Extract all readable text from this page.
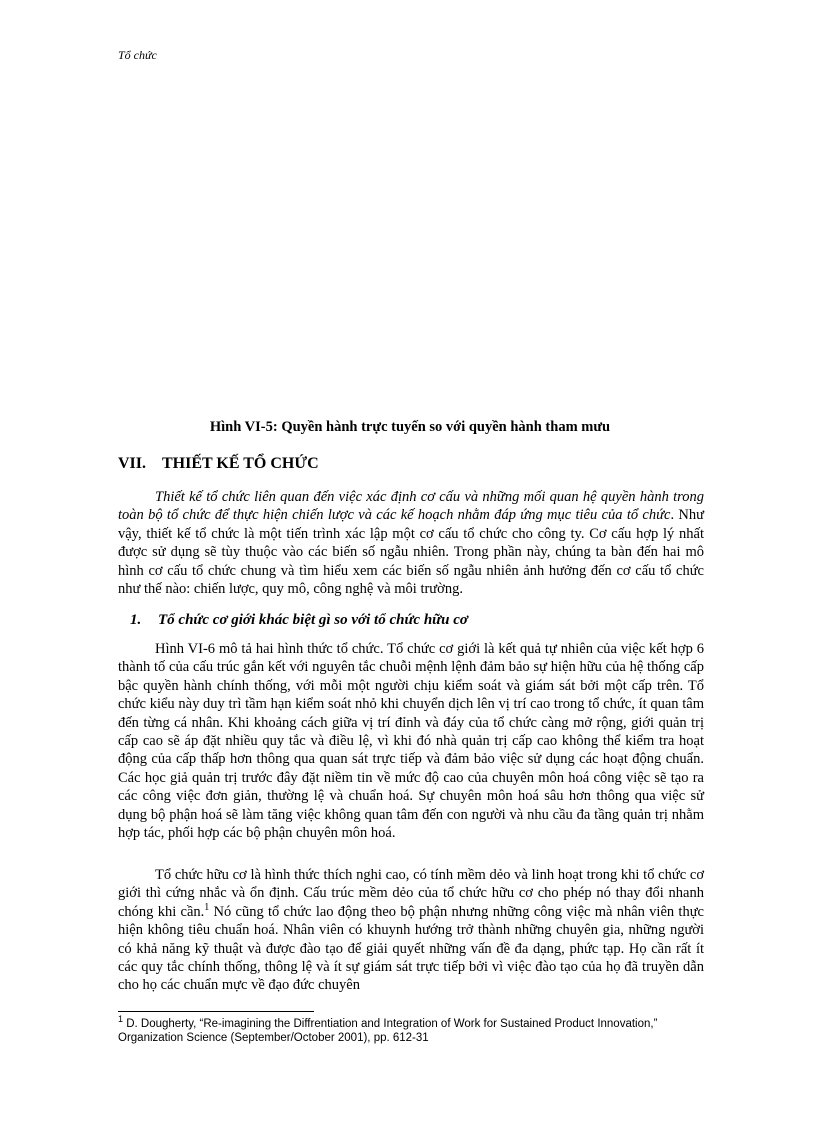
Tổ chức
Hình VI-5: Quyền hành trực tuyến so với quyền hành tham mưu
VII. THIẾT KẾ TỔ CHỨC

Thiết kế tổ chức liên quan đến việc xác định cơ cấu và những mối quan hệ quyền hành trong toàn bộ tổ chức để thực hiện chiến lược và các kế hoạch nhằm đáp ứng mục tiêu của tổ chức. Như vậy, thiết kế tổ chức là một tiến trình xác lập một cơ cấu tổ chức cho công ty. Cơ cấu hợp lý nhất được sử dụng sẽ tùy thuộc vào các biến số ngẫu nhiên. Trong phần này, chúng ta bàn đến hai mô hình cơ cấu tổ chức chung và tìm hiểu xem các biến số ngẫu nhiên ảnh hưởng đến cơ cấu tổ chức như thế nào: chiến lược, quy mô, công nghệ và môi trường.

1. Tổ chức cơ giới khác biệt gì so với tổ chức hữu cơ

Hình VI-6 mô tả hai hình thức tổ chức. Tổ chức cơ giới là kết quả tự nhiên của việc kết hợp 6 thành tố của cấu trúc gắn kết với nguyên tắc chuỗi mệnh lệnh đảm bảo sự hiện hữu của hệ thống cấp bậc quyền hành chính thống, với mỗi một người chịu kiểm soát và giám sát bởi một cấp trên. Tổ chức kiểu này duy trì tầm hạn kiểm soát nhỏ khi chuyển dịch lên vị trí cao trong tổ chức, ít quan tâm đến từng cá nhân. Khi khoảng cách giữa vị trí đỉnh và đáy của tổ chức càng mở rộng, giới quản trị cấp cao sẽ áp đặt nhiều quy tắc và điều lệ, vì khi đó nhà quản trị cấp cao không thể kiểm tra hoạt động của cấp thấp hơn thông qua quan sát trực tiếp và đảm bảo việc sử dụng các hoạt động chuẩn. Các học giả quản trị trước đây đặt niềm tin về mức độ cao của chuyên môn hoá công việc sẽ tạo ra các công việc đơn giản, thường lệ và chuẩn hoá. Sự chuyên môn hoá sâu hơn thông qua việc sử dụng bộ phận hoá sẽ làm tăng việc không quan tâm đến con người và nhu cầu đa tầng quản trị nhằm hợp tác, phối hợp các bộ phận chuyên môn hoá.

Tổ chức hữu cơ là hình thức thích nghi cao, có tính mềm dẻo và linh hoạt trong khi tổ chức cơ giới thì cứng nhắc và ổn định. Cấu trúc mềm dẻo của tổ chức hữu cơ cho phép nó thay đổi nhanh chóng khi cần.$^1$ Nó cũng tổ chức lao động theo bộ phận nhưng những công việc mà nhân viên thực hiện không tiêu chuẩn hoá. Nhân viên có khuynh hướng trở thành những chuyên gia, những người có khả năng kỹ thuật và được đào tạo để giải quyết những vấn đề đa dạng, phức tạp. Họ cần rất ít các quy tắc chính thống, thông lệ và ít sự giám sát trực tiếp bởi vì việc đào tạo của họ đã truyền dẫn cho họ các chuẩn mực về đạo đức chuyên

$^1$ D. Dougherty, “Re-imagining the Diffrentiation and Integration of Work for Sustained Product Innovation,” Organization Science (September/October 2001), pp. 612-31
